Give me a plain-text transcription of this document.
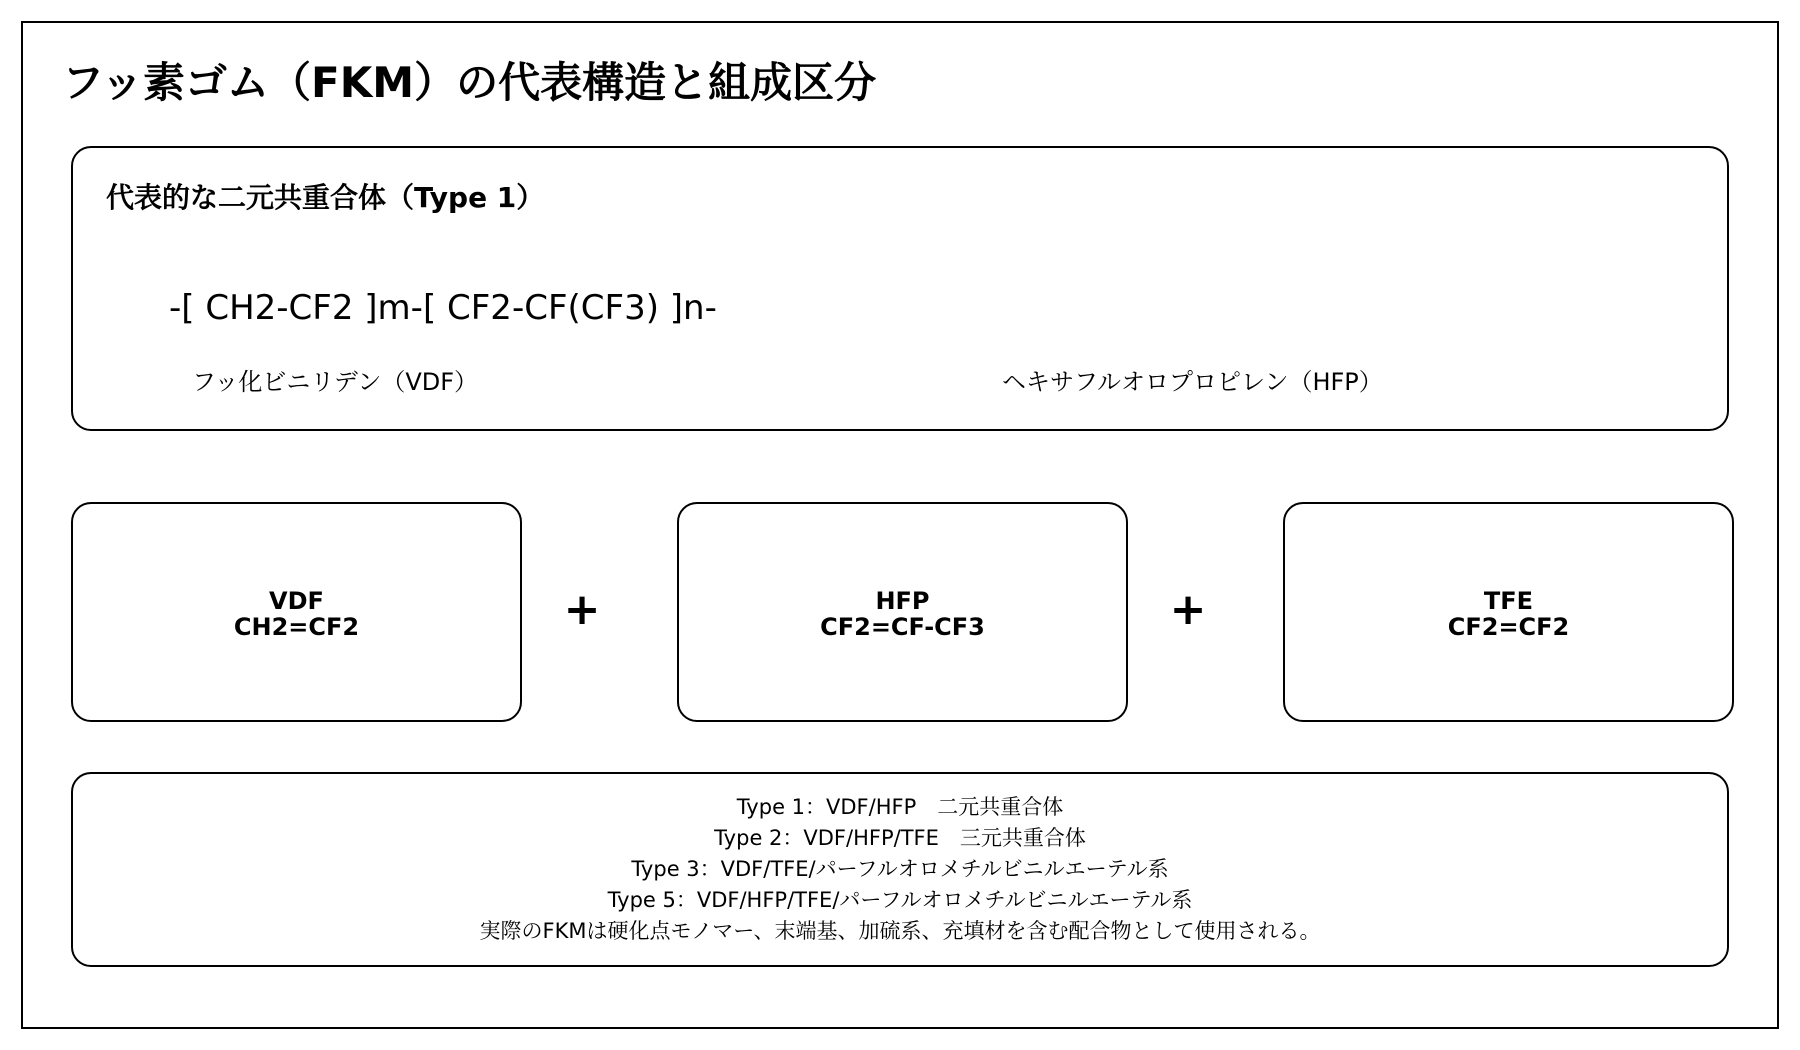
フッ素ゴム（FKM）の代表構造と組成区分
代表的な二元共重合体（Type 1）
-[ CH2-CF2 ]m-[ CF2-CF(CF3) ]n-
フッ化ビニリデン（VDF）	ヘキサフルオロプロピレン（HFP）
VDF
CH2=CF2	+	HFP
CF2=CF-CF3	+	TFE
CF2=CF2
Type 1：VDF/HFP　二元共重合体
Type 2：VDF/HFP/TFE　三元共重合体
Type 3：VDF/TFE/パーフルオロメチルビニルエーテル系
Type 5：VDF/HFP/TFE/パーフルオロメチルビニルエーテル系
実際のFKMは硬化点モノマー、末端基、加硫系、充填材を含む配合物として使用される。
